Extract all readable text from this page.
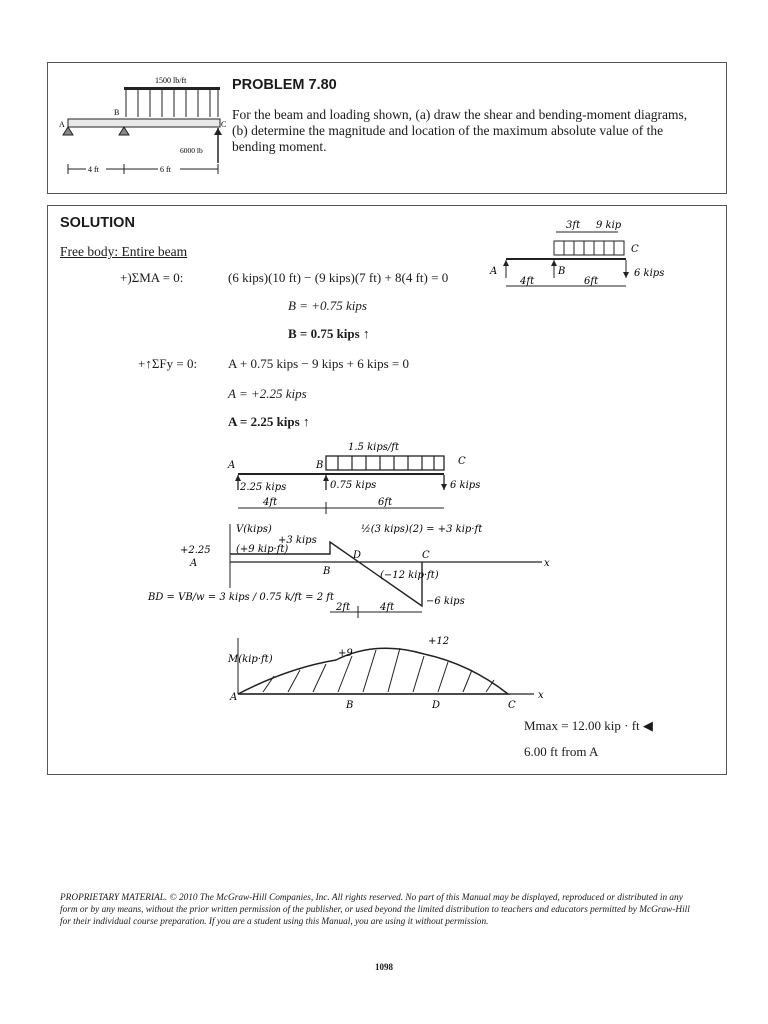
1500 lb/ft
A
B
C
6000 lb
4 ft	6 ft
PROBLEM 7.80
For the beam and loading shown, (a) draw the shear and bending-moment diagrams, (b) determine the magnitude and location of the maximum absolute value of the bending moment.
SOLUTION
Free body: Entire beam
3ft 9 kip
A	B
C
6 kips
4ft	6ft
+)ΣMA = 0:	(6 kips)(10 ft) − (9 kips)(7 ft) + 8(4 ft) = 0
B = +0.75 kips
B = 0.75 kips ↑
+↑ΣFy = 0: A + 0.75 kips − 9 kips + 6 kips = 0
A = +2.25 kips
A = 2.25 kips ↑
1.5 kips/ft
A	B	C
2.25 kips	0.75 kips	6 kips
4ft	6ft
V(kips)
+2.25
A	x
(+9 kip·ft)
+3 kips
½(3 kips)(2) = +3 kip·ft
B
D	C
(−12 kip·ft)
−6 kips
BD = VB/w = 3 kips / 0.75 k/ft = 2 ft
2ft	4ft
M(kip·ft)
x
+9
+12
A
B	D	C
Mmax = 12.00 kip · ft ◀
6.00 ft from A
PROPRIETARY MATERIAL. © 2010 The McGraw-Hill Companies, Inc. All rights reserved. No part of this Manual may be displayed, reproduced or distributed in any form or by any means, without the prior written permission of the publisher, or used beyond the limited distribution to teachers and educators permitted by McGraw-Hill for their individual course preparation. If you are a student using this Manual, you are using it without permission.
1098
